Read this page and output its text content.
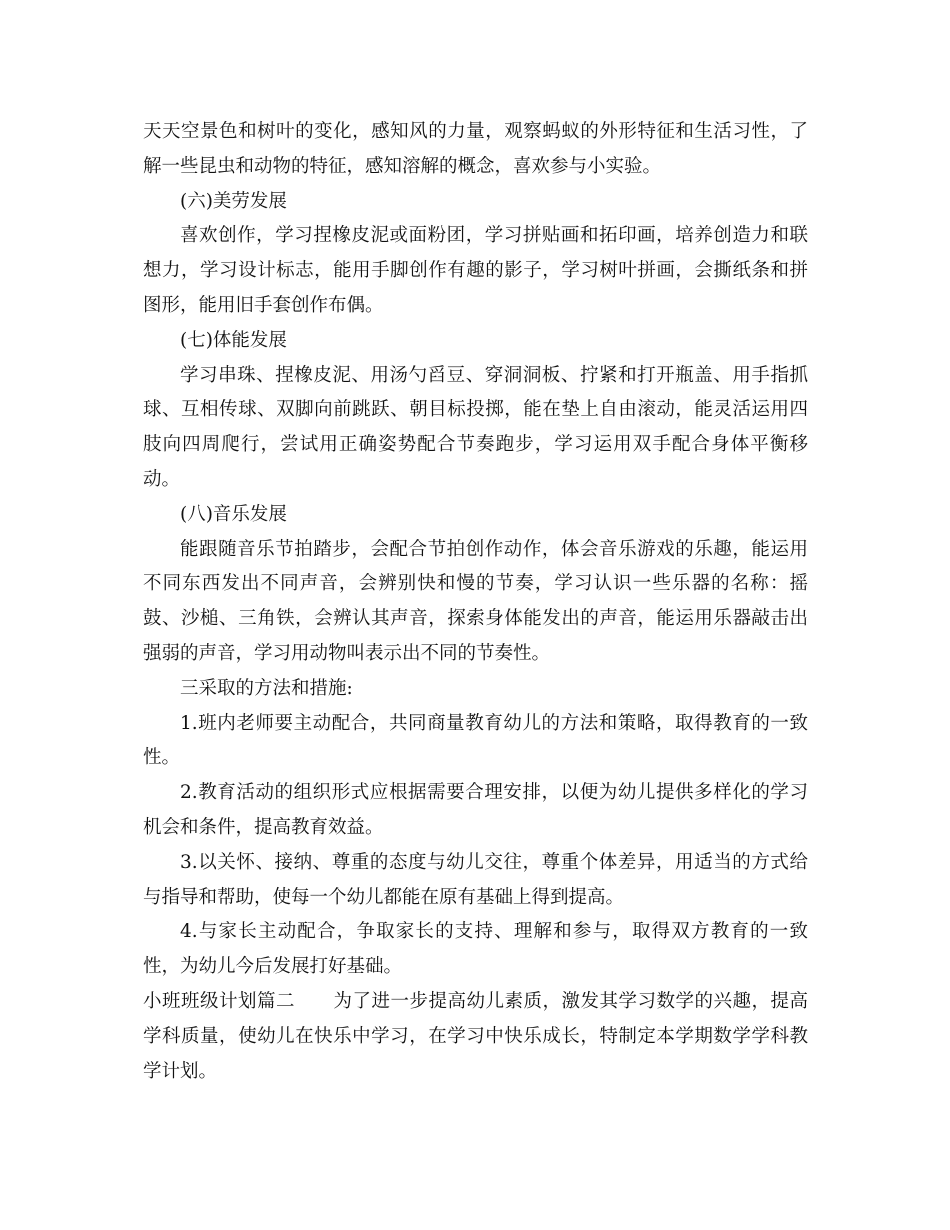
天天空景色和树叶的变化，感知风的力量，观察蚂蚁的外形特征和生活习性，了解一些昆虫和动物的特征，感知溶解的概念，喜欢参与小实验。

(六)美劳发展

喜欢创作，学习捏橡皮泥或面粉团，学习拼贴画和拓印画，培养创造力和联想力，学习设计标志，能用手脚创作有趣的影子，学习树叶拼画，会撕纸条和拼图形，能用旧手套创作布偶。

(七)体能发展

学习串珠、捏橡皮泥、用汤勺舀豆、穿洞洞板、拧紧和打开瓶盖、用手指抓球、互相传球、双脚向前跳跃、朝目标投掷，能在垫上自由滚动，能灵活运用四肢向四周爬行，尝试用正确姿势配合节奏跑步，学习运用双手配合身体平衡移动。

(八)音乐发展

能跟随音乐节拍踏步，会配合节拍创作动作，体会音乐游戏的乐趣，能运用不同东西发出不同声音，会辨别快和慢的节奏，学习认识一些乐器的名称：摇鼓、沙槌、三角铁，会辨认其声音，探索身体能发出的声音，能运用乐器敲击出强弱的声音，学习用动物叫表示出不同的节奏性。

三采取的方法和措施:

1.班内老师要主动配合，共同商量教育幼儿的方法和策略，取得教育的一致性。

2.教育活动的组织形式应根据需要合理安排，以便为幼儿提供多样化的学习机会和条件，提高教育效益。

3.以关怀、接纳、尊重的态度与幼儿交往，尊重个体差异，用适当的方式给与指导和帮助，使每一个幼儿都能在原有基础上得到提高。

4.与家长主动配合，争取家长的支持、理解和参与，取得双方教育的一致性，为幼儿今后发展打好基础。

小班班级计划篇二 为了进一步提高幼儿素质，激发其学习数学的兴趣，提高学科质量，使幼儿在快乐中学习，在学习中快乐成长，特制定本学期数学学科教学计划。
